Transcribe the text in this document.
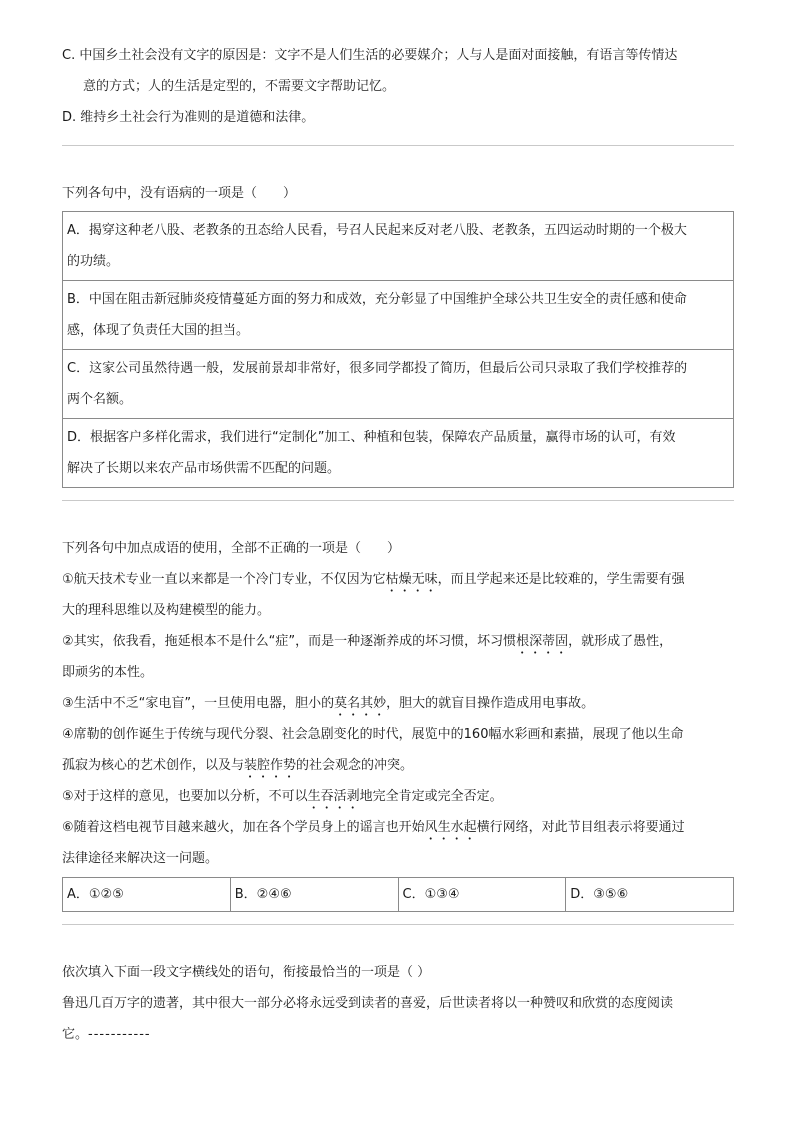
C. 中国乡土社会没有文字的原因是：文字不是人们生活的必要媒介；人与人是面对面接触，有语言等传情达
意的方式；人的生活是定型的，不需要文字帮助记忆。
D. 维持乡土社会行为准则的是道德和法律。
下列各句中，没有语病的一项是（　　）
A．揭穿这种老八股、老教条的丑态给人民看，号召人民起来反对老八股、老教条，五四运动时期的一个极大
的功绩。
B．中国在阻击新冠肺炎疫情蔓延方面的努力和成效，充分彰显了中国维护全球公共卫生安全的责任感和使命
感，体现了负责任大国的担当。
C．这家公司虽然待遇一般，发展前景却非常好，很多同学都投了简历，但最后公司只录取了我们学校推荐的
两个名额。
D．根据客户多样化需求，我们进行“定制化”加工、种植和包装，保障农产品质量，赢得市场的认可，有效
解决了长期以来农产品市场供需不匹配的问题。
下列各句中加点成语的使用，全部不正确的一项是（　　）
①航天技术专业一直以来都是一个冷门专业，不仅因为它枯燥无味，而且学起来还是比较难的，学生需要有强
大的理科思维以及构建模型的能力。
②其实，依我看，拖延根本不是什么“症”，而是一种逐渐养成的坏习惯，坏习惯根深蒂固，就形成了愚性，
即顽劣的本性。
③生活中不乏“家电盲”，一旦使用电器，胆小的莫名其妙，胆大的就盲目操作造成用电事故。
④席勒的创作诞生于传统与现代分裂、社会急剧变化的时代，展览中的160幅水彩画和素描，展现了他以生命
孤寂为核心的艺术创作，以及与装腔作势的社会观念的冲突。
⑤对于这样的意见，也要加以分析，不可以生吞活剥地完全肯定或完全否定。
⑥随着这档电视节目越来越火，加在各个学员身上的谣言也开始风生水起横行网络，对此节目组表示将要通过
法律途径来解决这一问题。
A．①②⑤	B．②④⑥	C．①③④	D．③⑤⑥
依次填入下面一段文字横线处的语句，衔接最恰当的一项是（ ）
鲁迅几百万字的遗著，其中很大一部分必将永远受到读者的喜爱，后世读者将以一种赞叹和欣赏的态度阅读
它。-----------
